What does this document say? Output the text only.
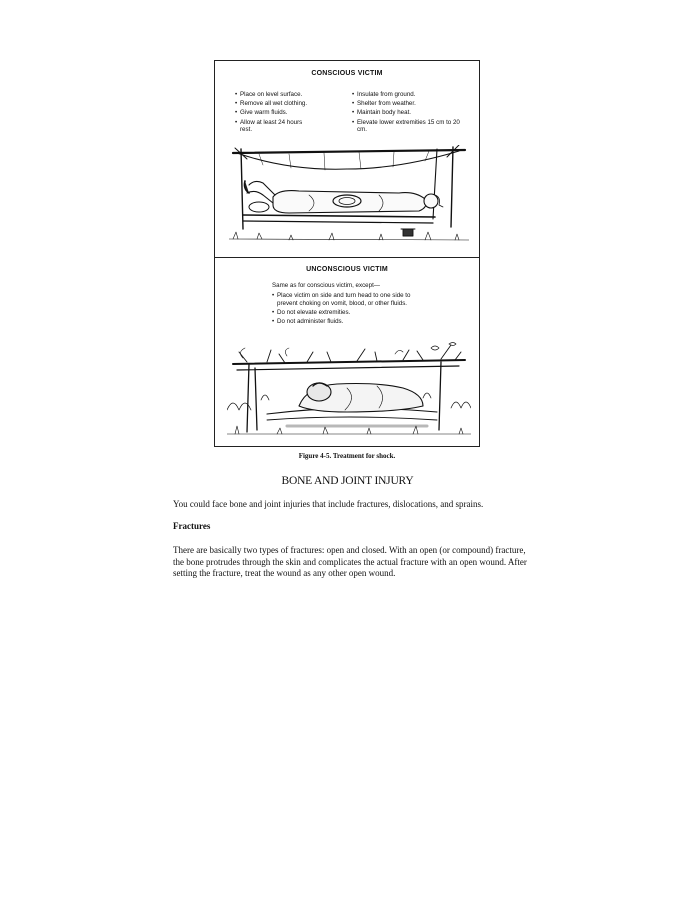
CONSCIOUS VICTIM
• Place on level surface.
• Remove all wet clothing.
• Give warm fluids.
• Allow at least 24 hours rest.
• Insulate from ground.
• Shelter from weather.
• Maintain body heat.
• Elevate lower extremities 15 cm to 20 cm.
UNCONSCIOUS VICTIM
Same as for conscious victim, except—
• Place victim on side and turn head to one side to prevent choking on vomit, blood, or other fluids.
• Do not elevate extremities.
• Do not administer fluids.
Figure 4-5. Treatment for shock.
BONE AND JOINT INJURY
You could face bone and joint injuries that include fractures, dislocations, and sprains.
Fractures
There are basically two types of fractures: open and closed. With an open (or compound) fracture, the bone protrudes through the skin and complicates the actual fracture with an open wound. After setting the fracture, treat the wound as any other open wound.
